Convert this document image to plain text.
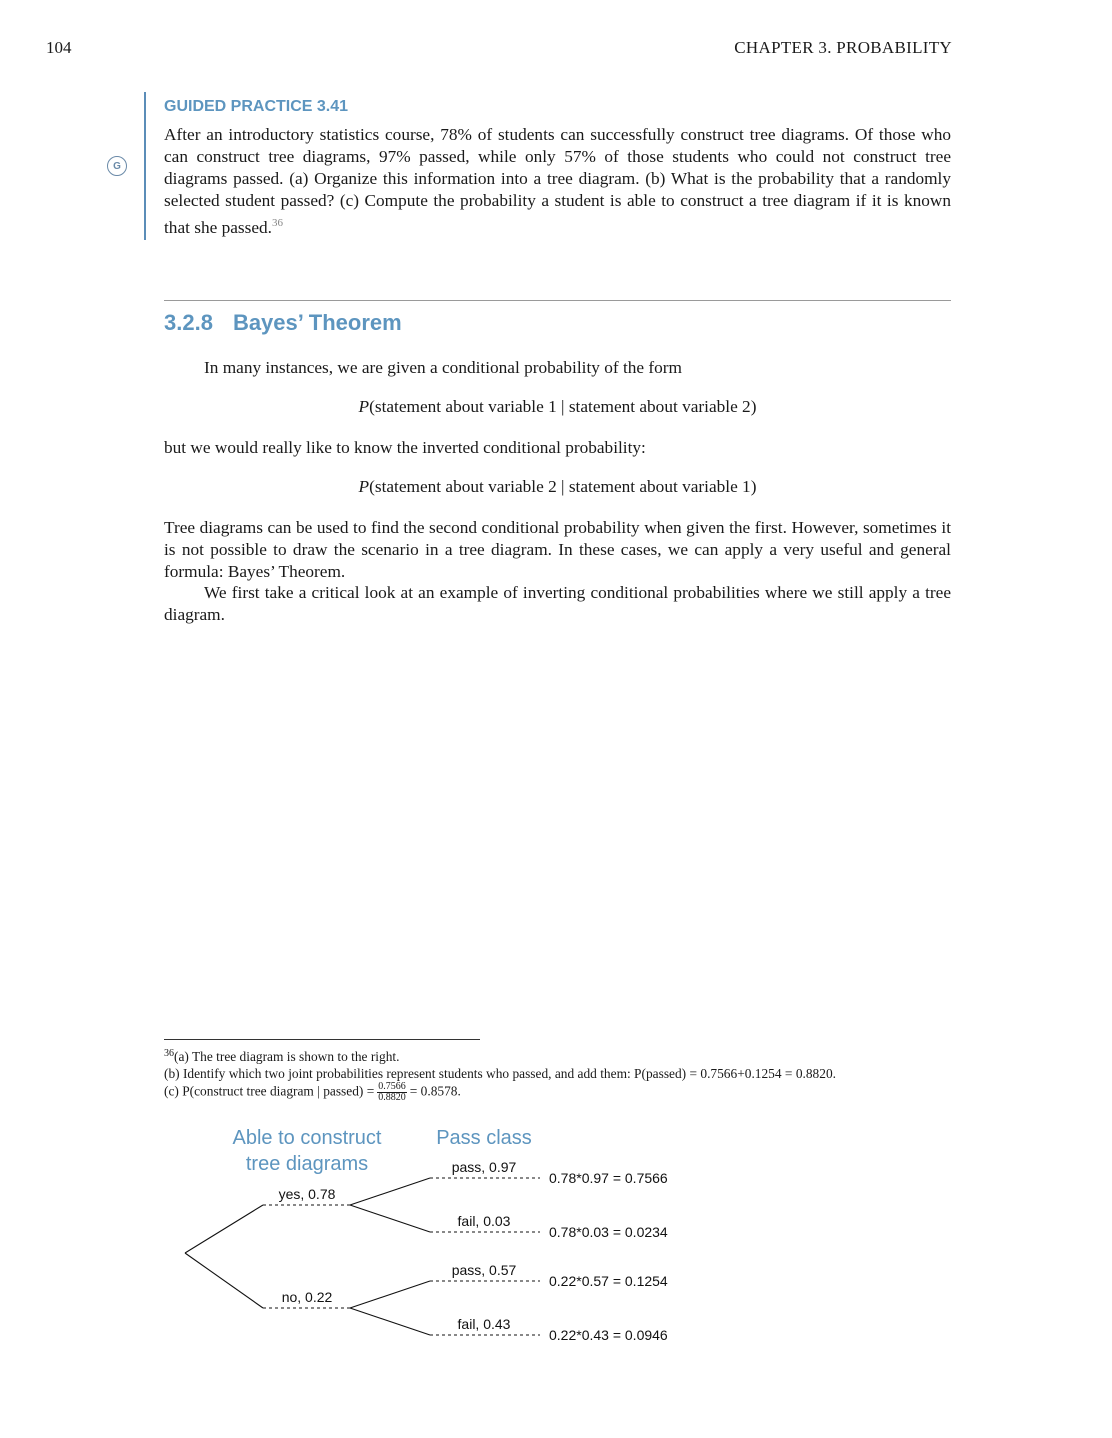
104	CHAPTER 3. PROBABILITY
G
GUIDED PRACTICE 3.41
After an introductory statistics course, 78% of students can successfully construct tree diagrams. Of those who can construct tree diagrams, 97% passed, while only 57% of those students who could not construct tree diagrams passed. (a) Organize this information into a tree diagram. (b) What is the probability that a randomly selected student passed? (c) Compute the probability a student is able to construct a tree diagram if it is known that she passed.$^{36}$
3.2.8 Bayes’ Theorem
In many instances, we are given a conditional probability of the form
P(statement about variable 1 | statement about variable 2)
but we would really like to know the inverted conditional probability:
P(statement about variable 2 | statement about variable 1)
Tree diagrams can be used to find the second conditional probability when given the first. However, sometimes it is not possible to draw the scenario in a tree diagram. In these cases, we can apply a very useful and general formula: Bayes’ Theorem.
We first take a critical look at an example of inverting conditional probabilities where we still apply a tree diagram.
$^{36}$(a) The tree diagram is shown to the right.
(b) Identify which two joint probabilities represent students who passed, and add them: P(passed) = 0.7566+0.1254 = 0.8820.
(c) P(construct tree diagram | passed) = $\frac{0.7566}{0.8820} = 0.8578$.
Able to construct
tree diagrams
Pass class
yes, 0.78
no, 0.22
pass, 0.97
fail, 0.03
pass, 0.57
fail, 0.43
0.78*0.97 = 0.7566
0.78*0.03 = 0.0234
0.22*0.57 = 0.1254
0.22*0.43 = 0.0946
